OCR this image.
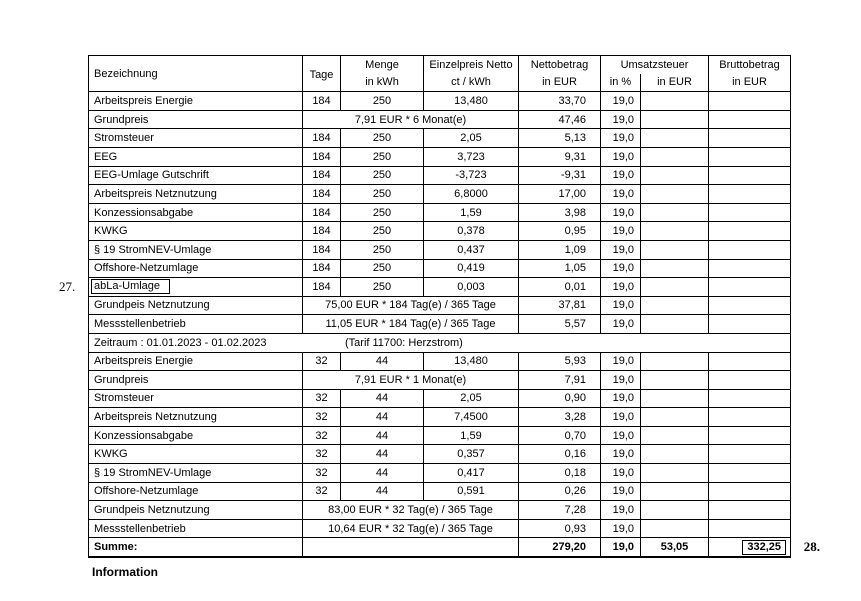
Bezeichnung	Tage	Menge	Einzelpreis Netto	Nettobetrag	Umsatzsteuer		Bruttobetrag
		in kWh	ct / kWh	in EUR	in %	in EUR	in EUR
Arbeitspreis Energie	184	250	13,480	33,70	19,0		
Grundpreis	7,91 EUR * 6 Monat(e)			47,46	19,0		
Stromsteuer	184	250	2,05	5,13	19,0		
EEG	184	250	3,723	9,31	19,0		
EEG-Umlage Gutschrift	184	250	-3,723	-9,31	19,0		
Arbeitspreis Netznutzung	184	250	6,8000	17,00	19,0		
Konzessionsabgabe	184	250	1,59	3,98	19,0		
KWKG	184	250	0,378	0,95	19,0		
§ 19 StromNEV-Umlage	184	250	0,437	1,09	19,0		
Offshore-Netzumlage	184	250	0,419	1,05	19,0		

27. abLa-Umlage	184	250	0,003	0,01	19,0		
Grundpeis Netznutzung	75,00 EUR * 184 Tag(e) / 365 Tage			37,81	19,0		
Messstellenbetrieb	11,05 EUR * 184 Tag(e) / 365 Tage			5,57	19,0		
Zeitraum : 01.01.2023 - 01.02.2023 (Tarif 11700: Herzstrom)							
Arbeitspreis Energie	32	44	13,480	5,93	19,0		
Grundpreis	7,91 EUR * 1 Monat(e)			7,91	19,0		
Stromsteuer	32	44	2,05	0,90	19,0		
Arbeitspreis Netznutzung	32	44	7,4500	3,28	19,0		
Konzessionsabgabe	32	44	1,59	0,70	19,0		
KWKG	32	44	0,357	0,16	19,0		
§ 19 StromNEV-Umlage	32	44	0,417	0,18	19,0		
Offshore-Netzumlage	32	44	0,591	0,26	19,0		
Grundpeis Netznutzung	83,00 EUR * 32 Tag(e) / 365 Tage			7,28	19,0		
Messstellenbetrieb	10,64 EUR * 32 Tag(e) / 365 Tage			0,93	19,0		
Summe:				279,20	19,0	53,05	332,25 28.
Information
